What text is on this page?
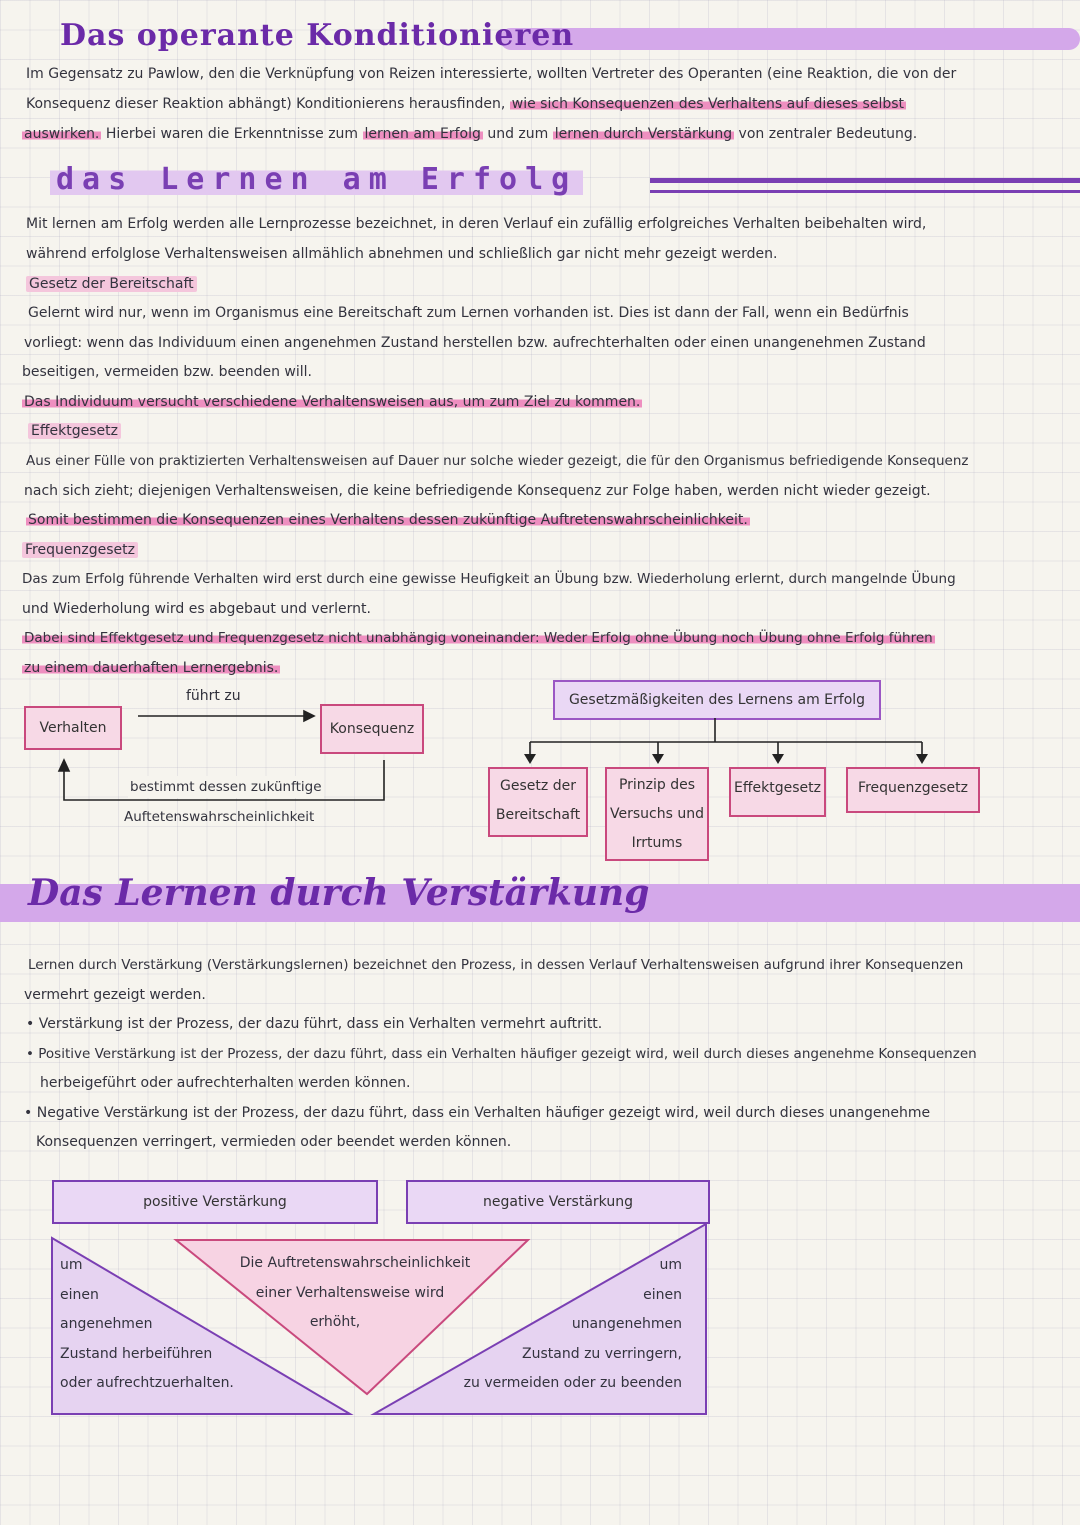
Das operante Konditionieren
Im Gegensatz zu Pawlow, den die Verknüpfung von Reizen interessierte, wollten Vertreter des Operanten (eine Reaktion, die von der
Konsequenz dieser Reaktion abhängt) Konditionierens herausfinden, wie sich Konsequenzen des Verhaltens auf dieses selbst
auswirken. Hierbei waren die Erkenntnisse zum lernen am Erfolg und zum lernen durch Verstärkung von zentraler Bedeutung.
das Lernen am Erfolg
Mit lernen am Erfolg werden alle Lernprozesse bezeichnet, in deren Verlauf ein zufällig erfolgreiches Verhalten beibehalten wird,
während erfolglose Verhaltensweisen allmählich abnehmen und schließlich gar nicht mehr gezeigt werden.
Gesetz der Bereitschaft
Gelernt wird nur, wenn im Organismus eine Bereitschaft zum Lernen vorhanden ist. Dies ist dann der Fall, wenn ein Bedürfnis
vorliegt: wenn das Individuum einen angenehmen Zustand herstellen bzw. aufrechterhalten oder einen unangenehmen Zustand
beseitigen, vermeiden bzw. beenden will.
Das Individuum versucht verschiedene Verhaltensweisen aus, um zum Ziel zu kommen.
Effektgesetz
Aus einer Fülle von praktizierten Verhaltensweisen auf Dauer nur solche wieder gezeigt, die für den Organismus befriedigende Konsequenz
nach sich zieht; diejenigen Verhaltensweisen, die keine befriedigende Konsequenz zur Folge haben, werden nicht wieder gezeigt.
Somit bestimmen die Konsequenzen eines Verhaltens dessen zukünftige Auftretenswahrscheinlichkeit.
Frequenzgesetz
Das zum Erfolg führende Verhalten wird erst durch eine gewisse Heufigkeit an Übung bzw. Wiederholung erlernt, durch mangelnde Übung
und Wiederholung wird es abgebaut und verlernt.
Dabei sind Effektgesetz und Frequenzgesetz nicht unabhängig voneinander: Weder Erfolg ohne Übung noch Übung ohne Erfolg führen
zu einem dauerhaften Lernergebnis.
führt zu
Verhalten	Konsequenz
bestimmt dessen zukünftige
Auftetenswahrscheinlichkeit
Gesetzmäßigkeiten des Lernens am Erfolg
Gesetz der
Bereitschaft
Prinzip des
Versuchs und
Irrtums
Effektgesetz	Frequenzgesetz
Das Lernen durch Verstärkung
Lernen durch Verstärkung (Verstärkungslernen) bezeichnet den Prozess, in dessen Verlauf Verhaltensweisen aufgrund ihrer Konsequenzen
vermehrt gezeigt werden.
• Verstärkung ist der Prozess, der dazu führt, dass ein Verhalten vermehrt auftritt.
• Positive Verstärkung ist der Prozess, der dazu führt, dass ein Verhalten häufiger gezeigt wird, weil durch dieses angenehme Konsequenzen
herbeigeführt oder aufrechterhalten werden können.
• Negative Verstärkung ist der Prozess, der dazu führt, dass ein Verhalten häufiger gezeigt wird, weil durch dieses unangenehme
Konsequenzen verringert, vermieden oder beendet werden können.
positive Verstärkung	negative Verstärkung
Die Auftretenswahrscheinlichkeit
einer Verhaltensweise wird
erhöht,
um
einen
angenehmen
Zustand herbeiführen
oder aufrechtzuerhalten.
um
einen
unangenehmen
Zustand zu verringern,
zu vermeiden oder zu beenden
